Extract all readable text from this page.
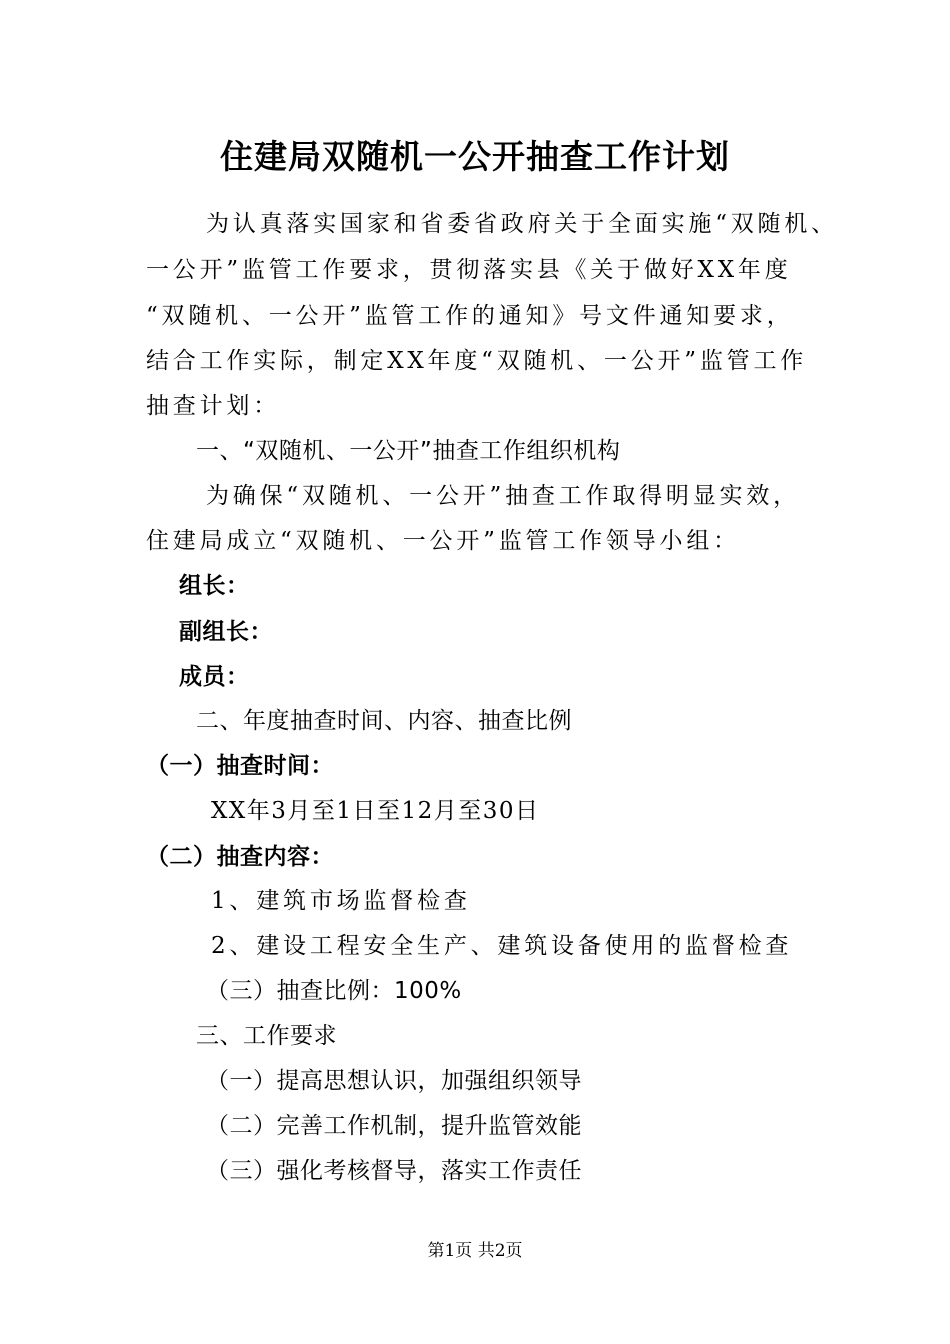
住建局双随机一公开抽查工作计划
为认真落实国家和省委省政府关于全面实施“双随机、
一公开”监管工作要求，贯彻落实县《关于做好XX年度
“双随机、一公开”监管工作的通知》号文件通知要求，
结合工作实际，制定XX年度“双随机、一公开”监管工作
抽查计划：
一、“双随机、一公开”抽查工作组织机构
为确保“双随机、一公开”抽查工作取得明显实效，
住建局成立“双随机、一公开”监管工作领导小组：
组长：
副组长：
成员：
二、年度抽查时间、内容、抽查比例
（一）抽查时间：
XX年3月至1日至12月至30日
（二）抽查内容：
1、建筑市场监督检查
2、建设工程安全生产、建筑设备使用的监督检查
（三）抽查比例：100%
三、工作要求
（一）提高思想认识，加强组织领导
（二）完善工作机制，提升监管效能
（三）强化考核督导，落实工作责任
第1页 共2页
